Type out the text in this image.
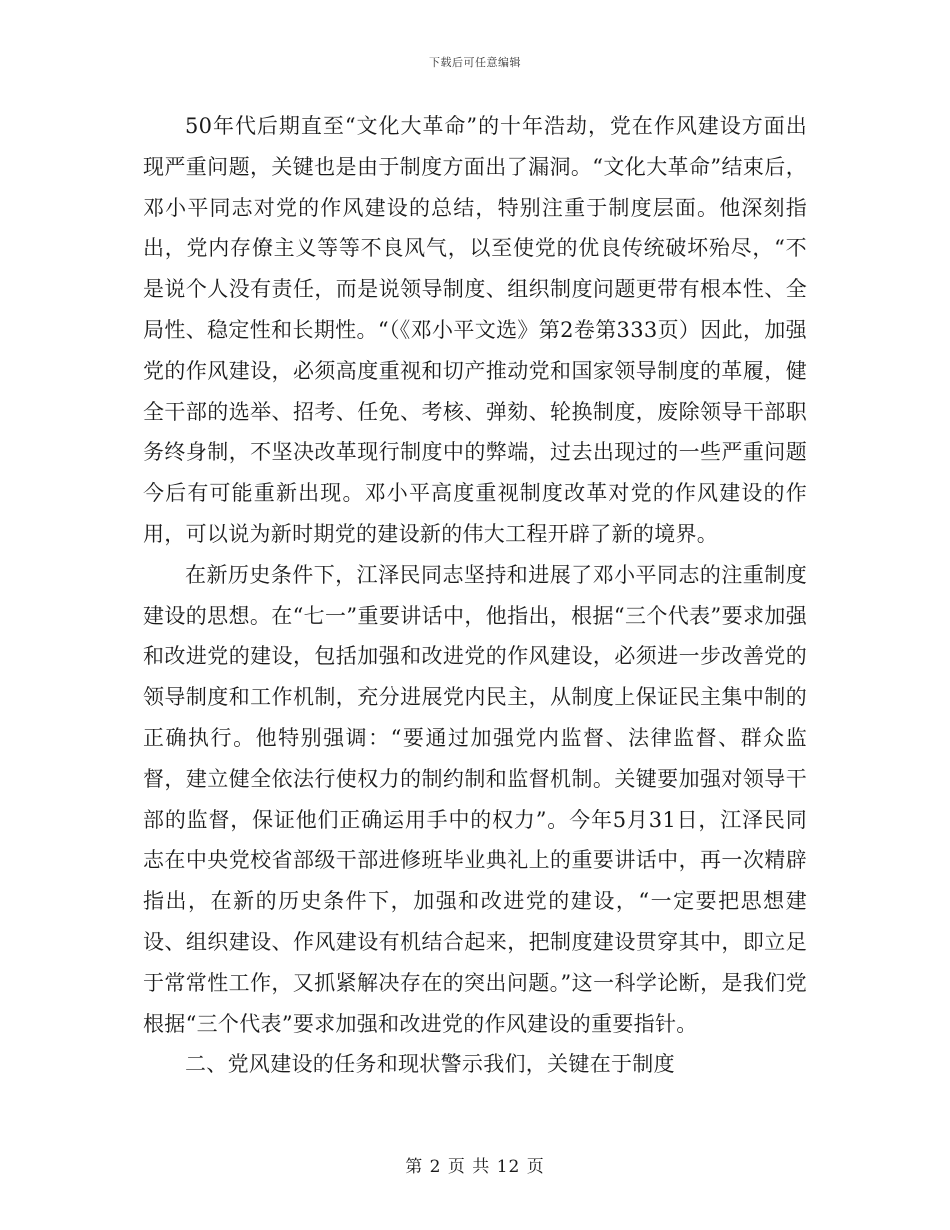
下载后可任意编辑

50年代后期直至“文化大革命”的十年浩劫，党在作风建设方面出现严重问题，关键也是由于制度方面出了漏洞。“文化大革命”结束后，邓小平同志对党的作风建设的总结，特别注重于制度层面。他深刻指出，党内存僚主义等等不良风气，以至使党的优良传统破坏殆尽，“不是说个人没有责任，而是说领导制度、组织制度问题更带有根本性、全局性、稳定性和长期性。“（《邓小平文选》第2卷第333页）因此，加强党的作风建设，必须高度重视和切产推动党和国家领导制度的革履，健全干部的选举、招考、任免、考核、弹劾、轮换制度，废除领导干部职务终身制，不坚决改革现行制度中的弊端，过去出现过的一些严重问题今后有可能重新出现。邓小平高度重视制度改革对党的作风建设的作用，可以说为新时期党的建设新的伟大工程开辟了新的境界。

在新历史条件下，江泽民同志坚持和进展了邓小平同志的注重制度建设的思想。在“七一”重要讲话中，他指出，根据“三个代表”要求加强和改进党的建设，包括加强和改进党的作风建设，必须进一步改善党的领导制度和工作机制，充分进展党内民主，从制度上保证民主集中制的正确执行。他特别强调：“要通过加强党内监督、法律监督、群众监督，建立健全依法行使权力的制约制和监督机制。关键要加强对领导干部的监督，保证他们正确运用手中的权力”。今年5月31日，江泽民同志在中央党校省部级干部进修班毕业典礼上的重要讲话中，再一次精辟指出，在新的历史条件下，加强和改进党的建设，“一定要把思想建设、组织建设、作风建设有机结合起来，把制度建设贯穿其中，即立足于常常性工作，又抓紧解决存在的突出问题。”这一科学论断，是我们党根据“三个代表”要求加强和改进党的作风建设的重要指针。

二、党风建设的任务和现状警示我们，关键在于制度

第 2 页 共 12 页
